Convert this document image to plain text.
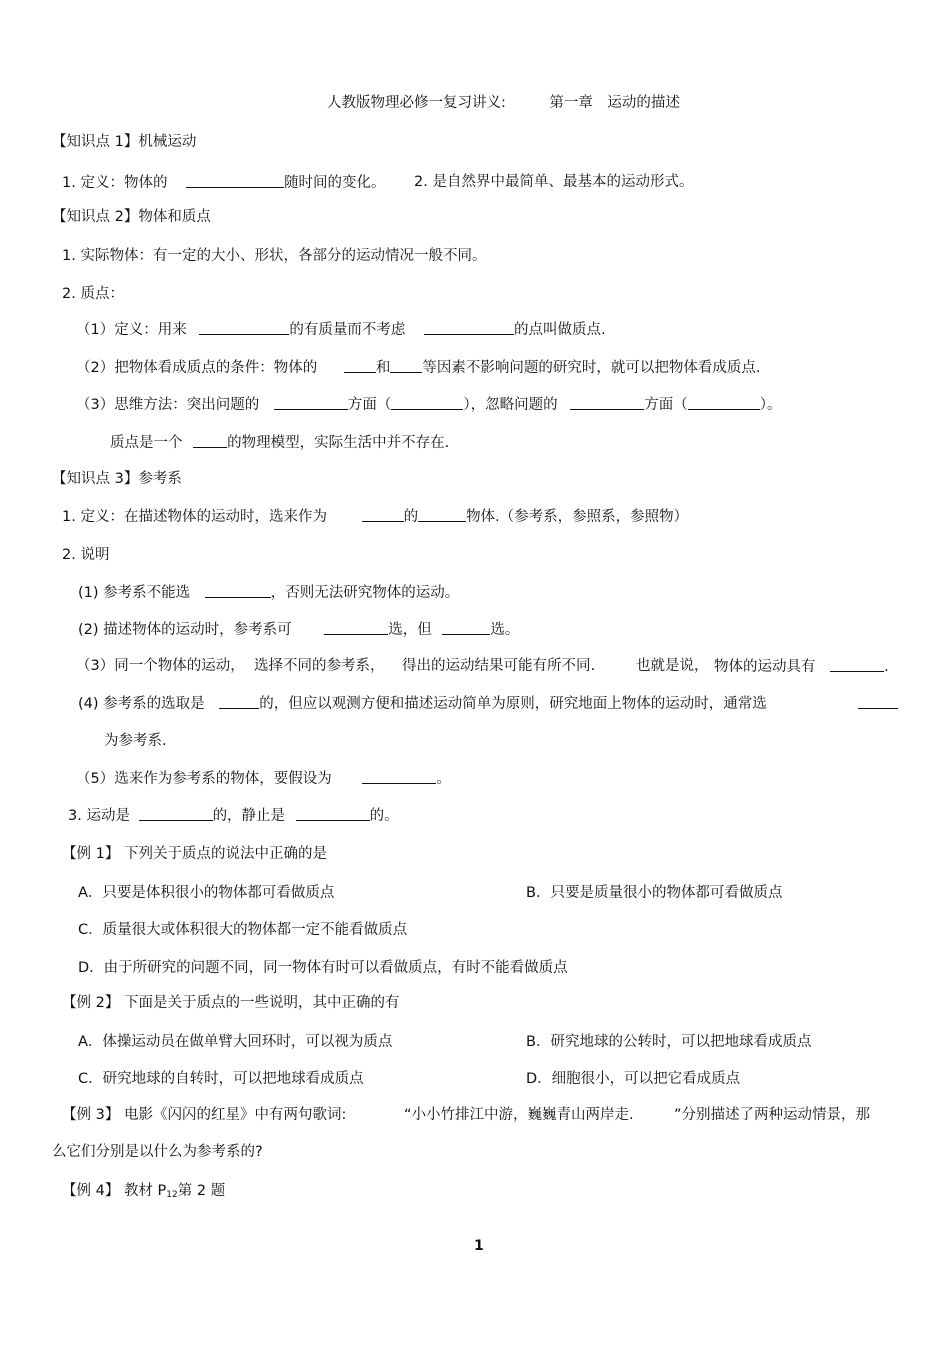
人教版物理必修一复习讲义:　　　第一章　运动的描述
【知识点 1】机械运动
1. 定义：物体的	随时间的变化。 2. 是自然界中最简单、最基本的运动形式。
【知识点 2】物体和质点
1. 实际物体：有一定的大小、形状，各部分的运动情况一般不同。
2. 质点：
（1）定义：用来	的有质量而不考虑	的点叫做质点.
（2）把物体看成质点的条件：物体的	和 等因素不影响问题的研究时，就可以把物体看成质点.
（3）思维方法：突出问题的	方面（	），忽略问题的	方面（	）。
质点是一个	的物理模型，实际生活中并不存在.
【知识点 3】参考系
1. 定义：在描述物体的运动时，选来作为	的	物体.（参考系，参照系，参照物）
2. 说明
(1) 参考系不能选	，否则无法研究物体的运动。
(2) 描述物体的运动时，参考系可	选，但	选。
（3）同一个物体的运动， 选择不同的参考系， 得出的运动结果可能有所不同.	也就是说， 物体的运动具有	.
(4) 参考系的选取是	的，但应以观测方便和描述运动简单为原则，研究地面上物体的运动时，通常选
为参考系.
（5）选来作为参考系的物体，要假设为	。
3. 运动是	的，静止是	的。
【例 1】 下列关于质点的说法中正确的是
A．只要是体积很小的物体都可看做质点	B．只要是质量很小的物体都可看做质点
C．质量很大或体积很大的物体都一定不能看做质点
D．由于所研究的问题不同，同一物体有时可以看做质点，有时不能看做质点
【例 2】 下面是关于质点的一些说明，其中正确的有
A．体操运动员在做单臂大回环时，可以视为质点	B．研究地球的公转时，可以把地球看成质点
C．研究地球的自转时，可以把地球看成质点	D．细胞很小，可以把它看成质点
【例 3】 电影《闪闪的红星》中有两句歌词:	“小小竹排江中游，巍巍青山两岸走.	”分别描述了两种运动情景，那
么它们分别是以什么为参考系的?
【例 4】 教材 $P_{12}$第 2 题
1
